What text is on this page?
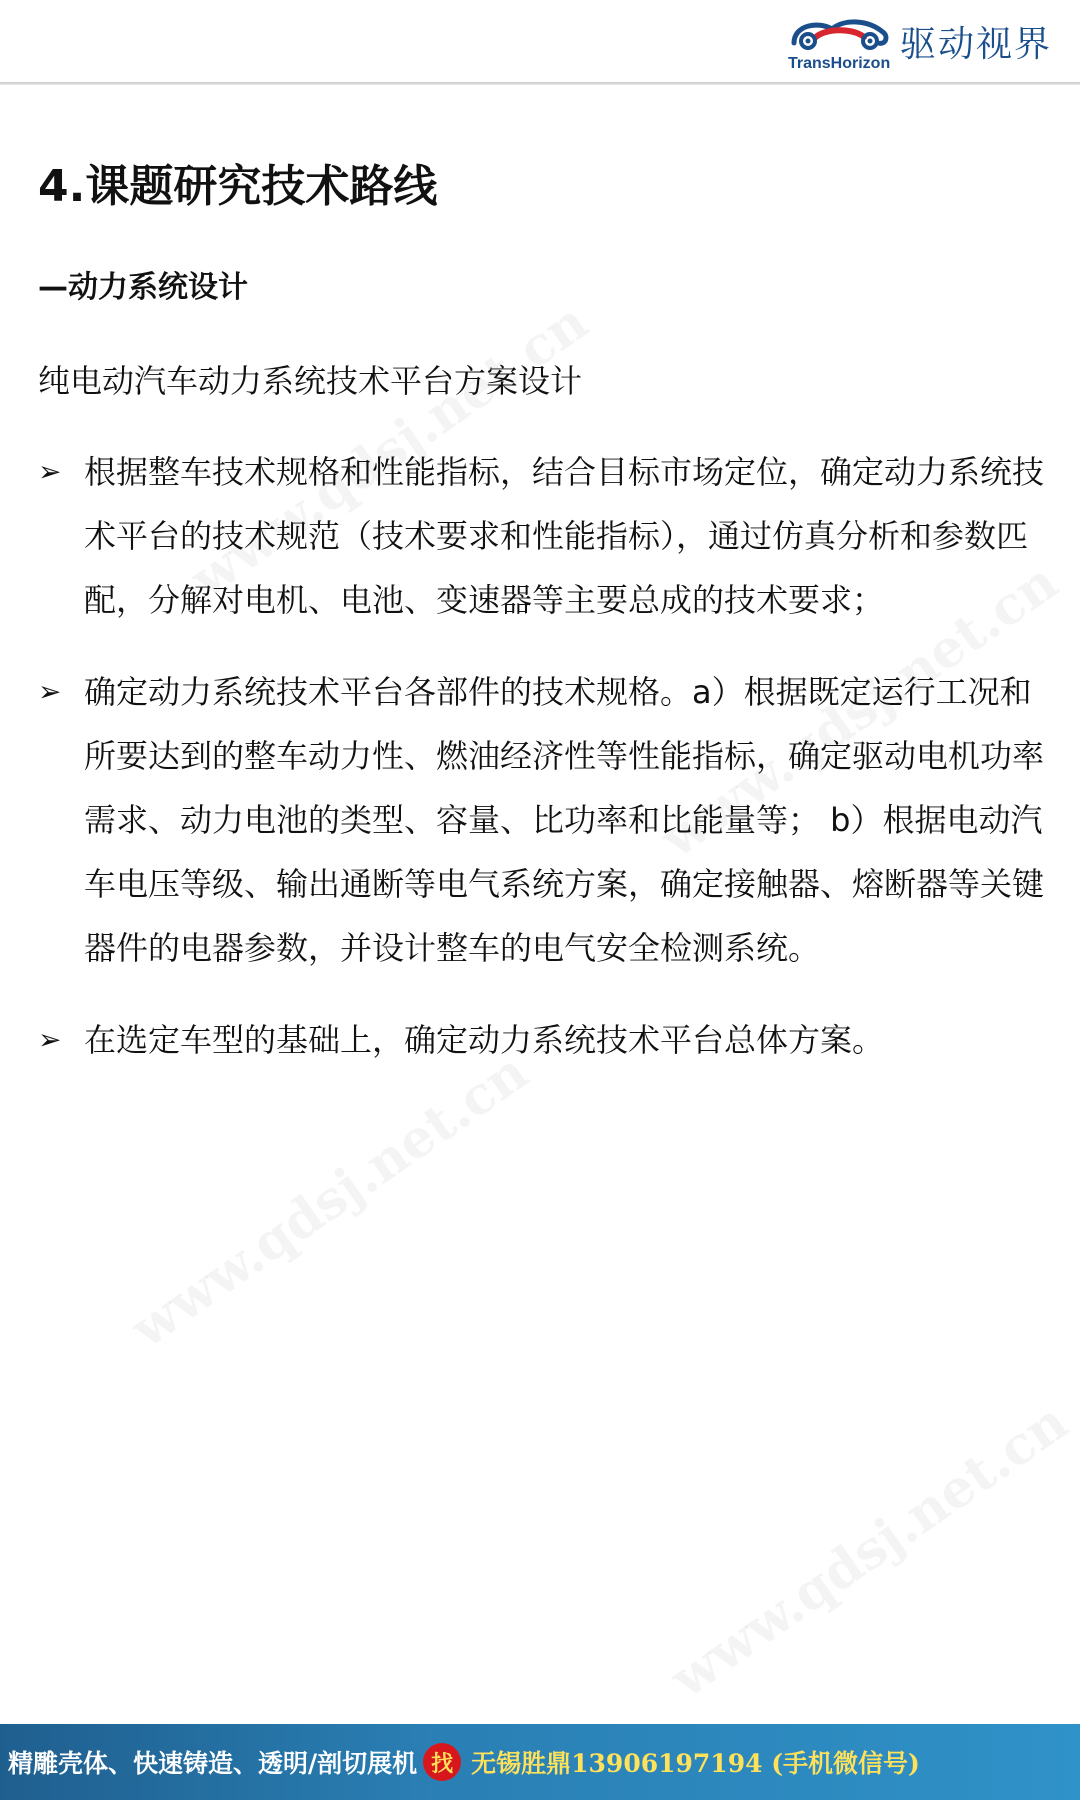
TransHorizon 驱动视界
4.课题研究技术路线
—动力系统设计
纯电动汽车动力系统技术平台方案设计
➢ 根据整车技术规格和性能指标，结合目标市场定位，确定动力系统技术平台的技术规范（技术要求和性能指标），通过仿真分析和参数匹配，分解对电机、电池、变速器等主要总成的技术要求；
➢ 确定动力系统技术平台各部件的技术规格。a）根据既定运行工况和所要达到的整车动力性、燃油经济性等性能指标，确定驱动电机功率需求、动力电池的类型、容量、比功率和比能量等； b）根据电动汽车电压等级、输出通断等电气系统方案，确定接触器、熔断器等关键器件的电器参数，并设计整车的电气安全检测系统。
➢ 在选定车型的基础上，确定动力系统技术平台总体方案。
精雕壳体、快速铸造、透明/剖切展机 找 无锡胜鼎13906197194 (手机微信号)
